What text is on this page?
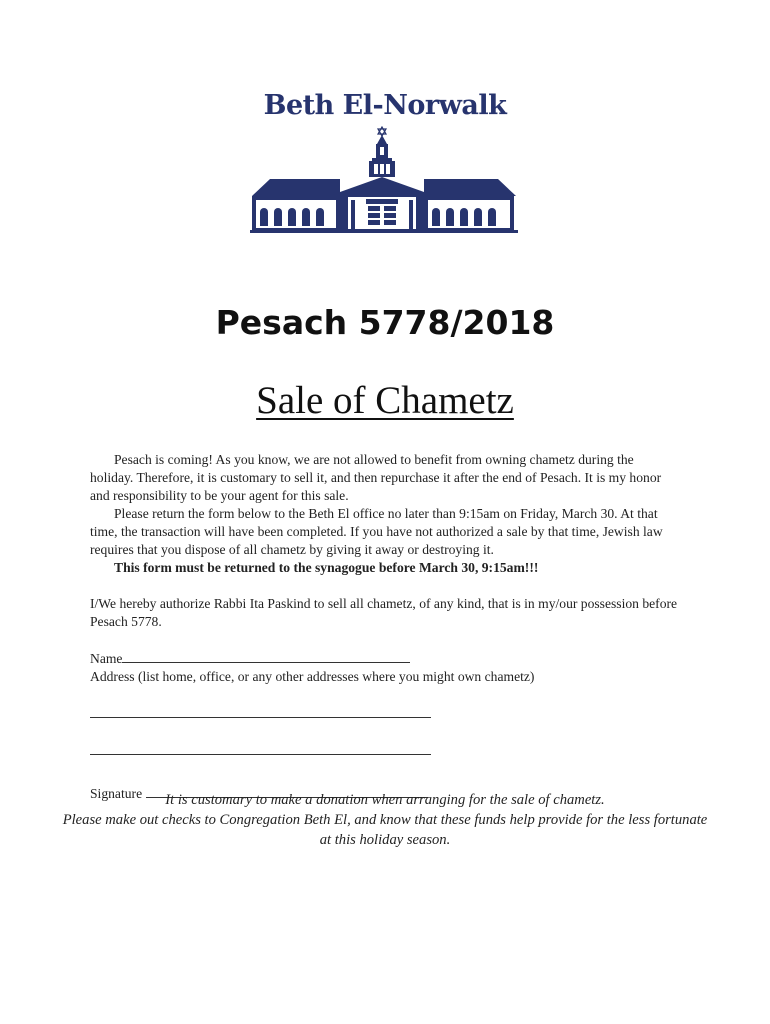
Beth El-Norwalk
Pesach 5778/2018
Sale of Chametz

Pesach is coming! As you know, we are not allowed to benefit from owning chametz during the holiday. Therefore, it is customary to sell it, and then repurchase it after the end of Pesach. It is my honor and responsibility to be your agent for this sale.

Please return the form below to the Beth El office no later than 9:15am on Friday, March 30. At that time, the transaction will have been completed. If you have not authorized a sale by that time, Jewish law requires that you dispose of all chametz by giving it away or destroying it.

This form must be returned to the synagogue before March 30, 9:15am!!!

I/We hereby authorize Rabbi Ita Paskind to sell all chametz, of any kind, that is in my/our possession before Pesach 5778.

Name

Address (list home, office, or any other addresses where you might own chametz)

Signature	It is customary to make a donation when arranging for the sale of chametz.

Please make out checks to Congregation Beth El, and know that these funds help provide for the less fortunate at this holiday season.
